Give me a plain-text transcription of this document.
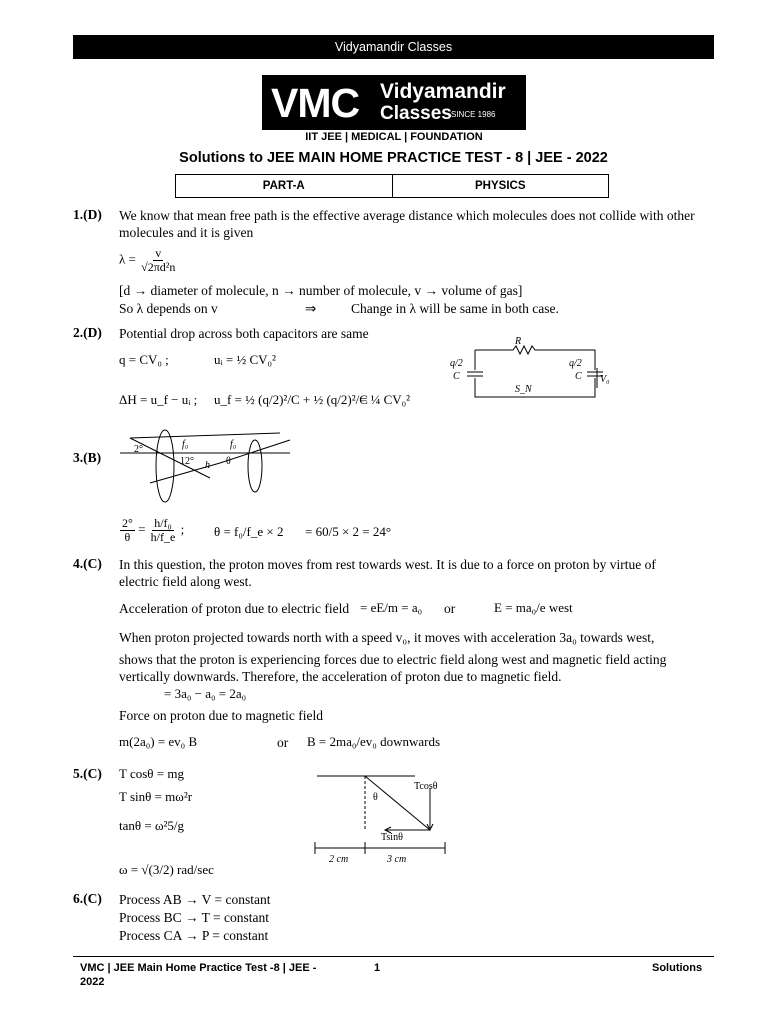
Vidyamandir Classes
VMC Vidyamandir
Classes SINCE 1986
IIT JEE | MEDICAL | FOUNDATION
Solutions to JEE MAIN HOME PRACTICE TEST - 8 | JEE - 2022
PART-A	PHYSICS
1.(D) We know that mean free path is the effective average distance which molecules does not collide with other
molecules and it is given
$\lambda = \frac{v}{\text{√2πd²n}}$
[d → diameter of molecule, n → number of molecule, v → volume of gas]
So λ depends on v	⇒	Change in λ will be same in both case.
2.(D) Potential drop across both capacitors are same
q = CV₀ ;	uᵢ = ½ CV₀²
ΔH = u_f − uᵢ ; u_f = ½ (q/2)²/C + ½ (q/2)²/C
= ¼ CV₀²
R
q/2
C	C
q/2
V₀
S_N
3.(B)
2°	f₀	f₀
12° h θ
$\frac{2^\circ}{\theta} = \frac{\text{h/f₀}}{h/f\_e}$ ; θ = f₀/f_e × 2 = 60/5 × 2 = 24°
4.(C) In this question, the proton moves from rest towards west. It is due to a force on proton by virtue of
electric field along west.
Acceleration of proton due to electric field = eE/m = a₀ or	E = ma₀/e west
When proton projected towards north with a speed v₀, it moves with acceleration 3a₀ towards west,
shows that the proton is experiencing forces due to electric field along west and magnetic field acting
vertically downwards. Therefore, the acceleration of proton due to magnetic field.
= 3a₀ − a₀ = 2a₀
Force on proton due to magnetic field
m(2a₀) = ev₀ B	or B = 2ma₀/ev₀ downwards
5.(C) T cosθ = mg
T sinθ = mω²r
tanθ = ω²5/g
ω = √(3/2) rad/sec
Tcosθ
θ
Tsinθ
2 cm	3 cm
6.(C) Process AB → V = constant
Process BC → T = constant
Process CA → P = constant
VMC | JEE Main Home Practice Test -8 | JEE -
2022
1	Solutions
